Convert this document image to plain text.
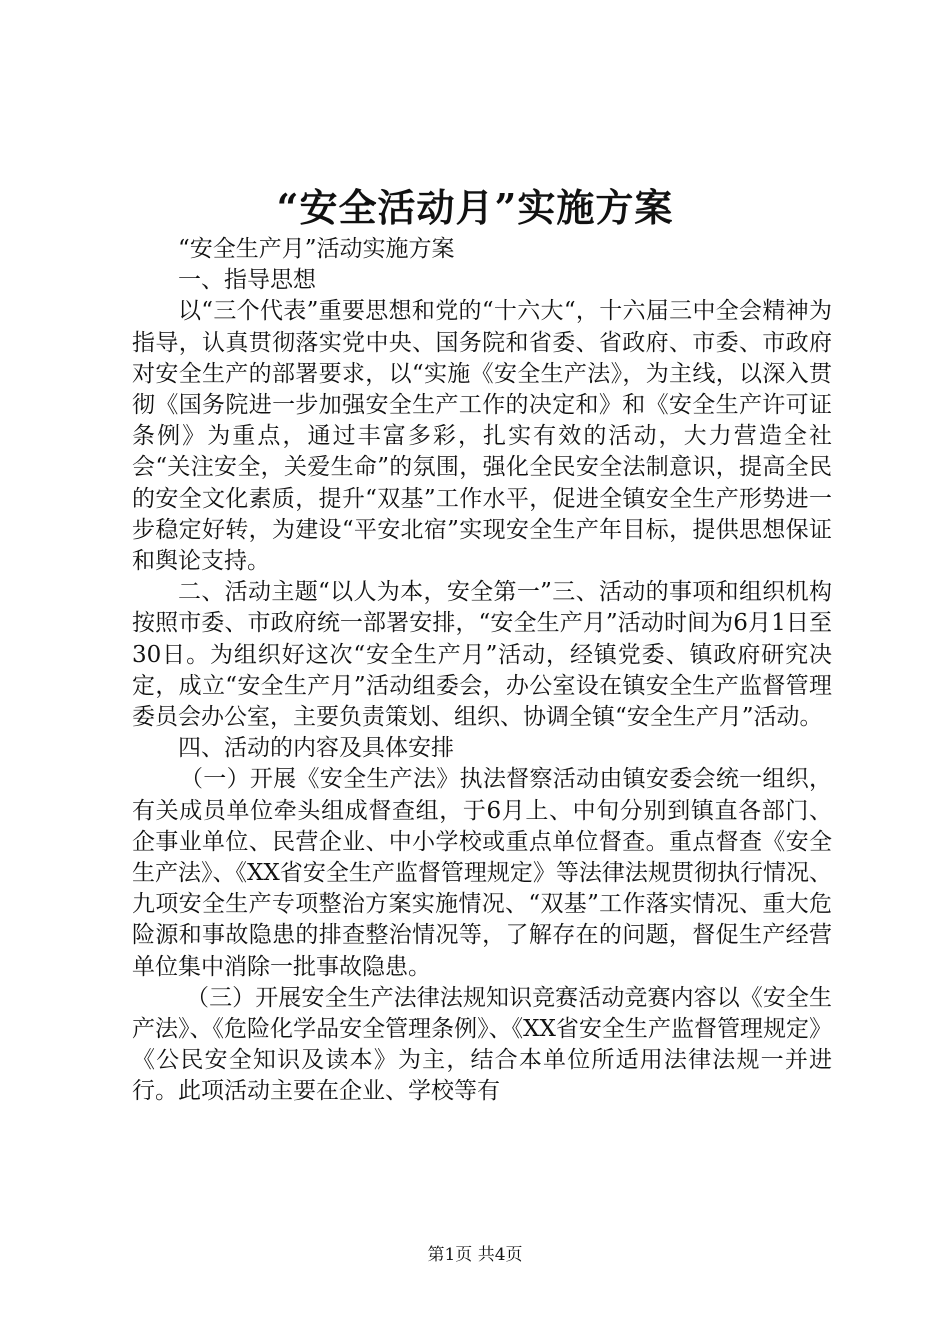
“安全活动月”实施方案

“安全生产月”活动实施方案

一、指导思想

以“三个代表”重要思想和党的“十六大“，十六届三中全会精神为指导，认真贯彻落实党中央、国务院和省委、省政府、市委、市政府对安全生产的部署要求，以“实施《安全生产法》，为主线，以深入贯彻《国务院进一步加强安全生产工作的决定和》和《安全生产许可证条例》为重点，通过丰富多彩，扎实有效的活动，大力营造全社会“关注安全，关爱生命”的氛围，强化全民安全法制意识，提高全民的安全文化素质，提升“双基”工作水平，促进全镇安全生产形势进一步稳定好转，为建设“平安北宿”实现安全生产年目标，提供思想保证和舆论支持。

二、活动主题“以人为本，安全第一”三、活动的事项和组织机构按照市委、市政府统一部署安排，“安全生产月”活动时间为6月1日至30日。为组织好这次“安全生产月”活动，经镇党委、镇政府研究决定，成立“安全生产月”活动组委会，办公室设在镇安全生产监督管理委员会办公室，主要负责策划、组织、协调全镇“安全生产月”活动。

四、活动的内容及具体安排

（一）开展《安全生产法》执法督察活动由镇安委会统一组织，有关成员单位牵头组成督查组，于6月上、中旬分别到镇直各部门、企事业单位、民营企业、中小学校或重点单位督查。重点督查《安全生产法》、《XX省安全生产监督管理规定》等法律法规贯彻执行情况、九项安全生产专项整治方案实施情况、“双基”工作落实情况、重大危险源和事故隐患的排查整治情况等，了解存在的问题，督促生产经营单位集中消除一批事故隐患。

（三）开展安全生产法律法规知识竞赛活动竞赛内容以《安全生产法》、《危险化学品安全管理条例》、《XX省安全生产监督管理规定》《公民安全知识及读本》为主，结合本单位所适用法律法规一并进行。此项活动主要在企业、学校等有

第1页 共4页
